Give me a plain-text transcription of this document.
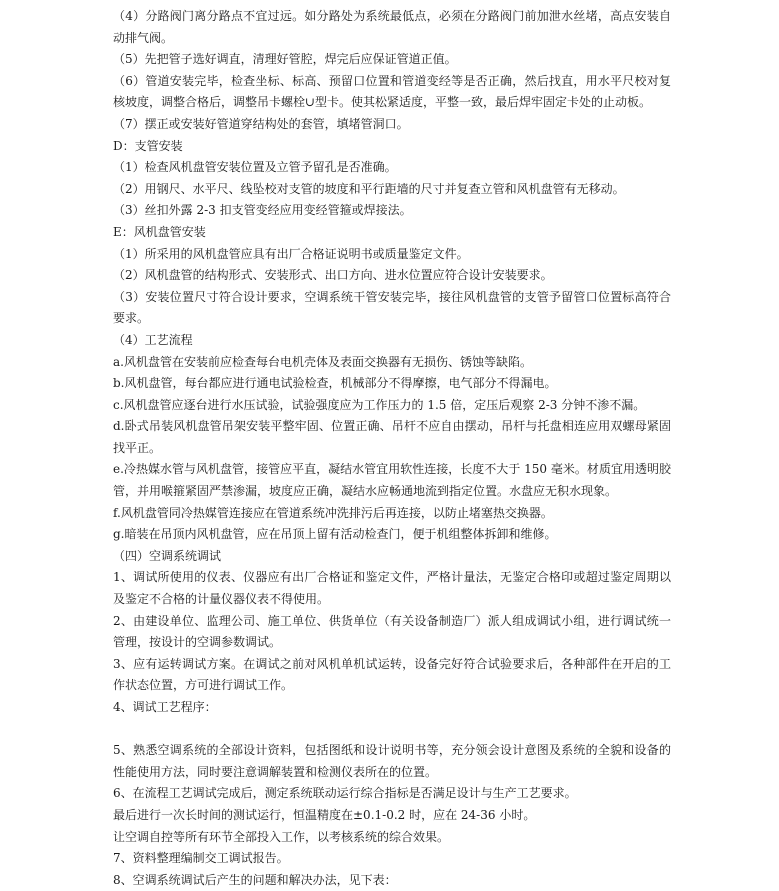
（4）分路阀门离分路点不宜过远。如分路处为系统最低点，必须在分路阀门前加泄水丝堵，高点安装自动排气阀。

（5）先把管子选好调直，清理好管腔，焊完后应保证管道正值。

（6）管道安装完毕，检查坐标、标高、预留口位置和管道变经等是否正确，然后找直，用水平尺校对复核坡度，调整合格后，调整吊卡螺栓∪型卡。使其松紧适度，平整一致，最后焊牢固定卡处的止动板。

（7）摆正或安装好管道穿结构处的套管，填堵管洞口。

D：支管安装

（1）检查风机盘管安装位置及立管予留孔是否准确。

（2）用钢尺、水平尺、线坠校对支管的坡度和平行距墙的尺寸并复查立管和风机盘管有无移动。

（3）丝扣外露 2-3 扣支管变经应用变经管箍或焊接法。

E：风机盘管安装

（1）所采用的风机盘管应具有出厂合格证说明书或质量鉴定文件。

（2）风机盘管的结构形式、安装形式、出口方向、进水位置应符合设计安装要求。

（3）安装位置尺寸符合设计要求，空调系统干管安装完毕，接往风机盘管的支管予留管口位置标高符合要求。

（4）工艺流程

a.风机盘管在安装前应检查每台电机壳体及表面交换器有无损伤、锈蚀等缺陷。

b.风机盘管，每台都应进行通电试验检查，机械部分不得摩擦，电气部分不得漏电。

c.风机盘管应逐台进行水压试验，试验强度应为工作压力的 1.5 倍，定压后观察 2-3 分钟不渗不漏。

d.卧式吊装风机盘管吊架安装平整牢固、位置正确、吊杆不应自由摆动，吊杆与托盘相连应用双螺母紧固找平正。

e.冷热媒水管与风机盘管，接管应平直，凝结水管宜用软性连接，长度不大于 150 毫米。材质宜用透明胶管，并用喉箍紧固严禁渗漏，坡度应正确，凝结水应畅通地流到指定位置。水盘应无积水现象。

f.风机盘管同冷热媒管连接应在管道系统冲洗排污后再连接，以防止堵塞热交换器。

g.暗装在吊顶内风机盘管，应在吊顶上留有活动检查门，便于机组整体拆卸和维修。

（四）空调系统调试

1、调试所使用的仪表、仪器应有出厂合格证和鉴定文件，严格计量法，无鉴定合格印或超过鉴定周期以及鉴定不合格的计量仪器仪表不得使用。

2、由建设单位、监理公司、施工单位、供货单位（有关设备制造厂）派人组成调试小组，进行调试统一管理，按设计的空调参数调试。

3、应有运转调试方案。在调试之前对风机单机试运转，设备完好符合试验要求后，各种部件在开启的工作状态位置，方可进行调试工作。

4、调试工艺程序：

5、熟悉空调系统的全部设计资料，包括图纸和设计说明书等，充分领会设计意图及系统的全貌和设备的性能使用方法，同时要注意调解装置和检测仪表所在的位置。

6、在流程工艺调试完成后，测定系统联动运行综合指标是否满足设计与生产工艺要求。

最后进行一次长时间的测试运行，恒温精度在±0.1-0.2 时，应在 24-36 小时。

让空调自控等所有环节全部投入工作，以考核系统的综合效果。

7、资料整理编制交工调试报告。

8、空调系统调试后产生的问题和解决办法，见下表：
